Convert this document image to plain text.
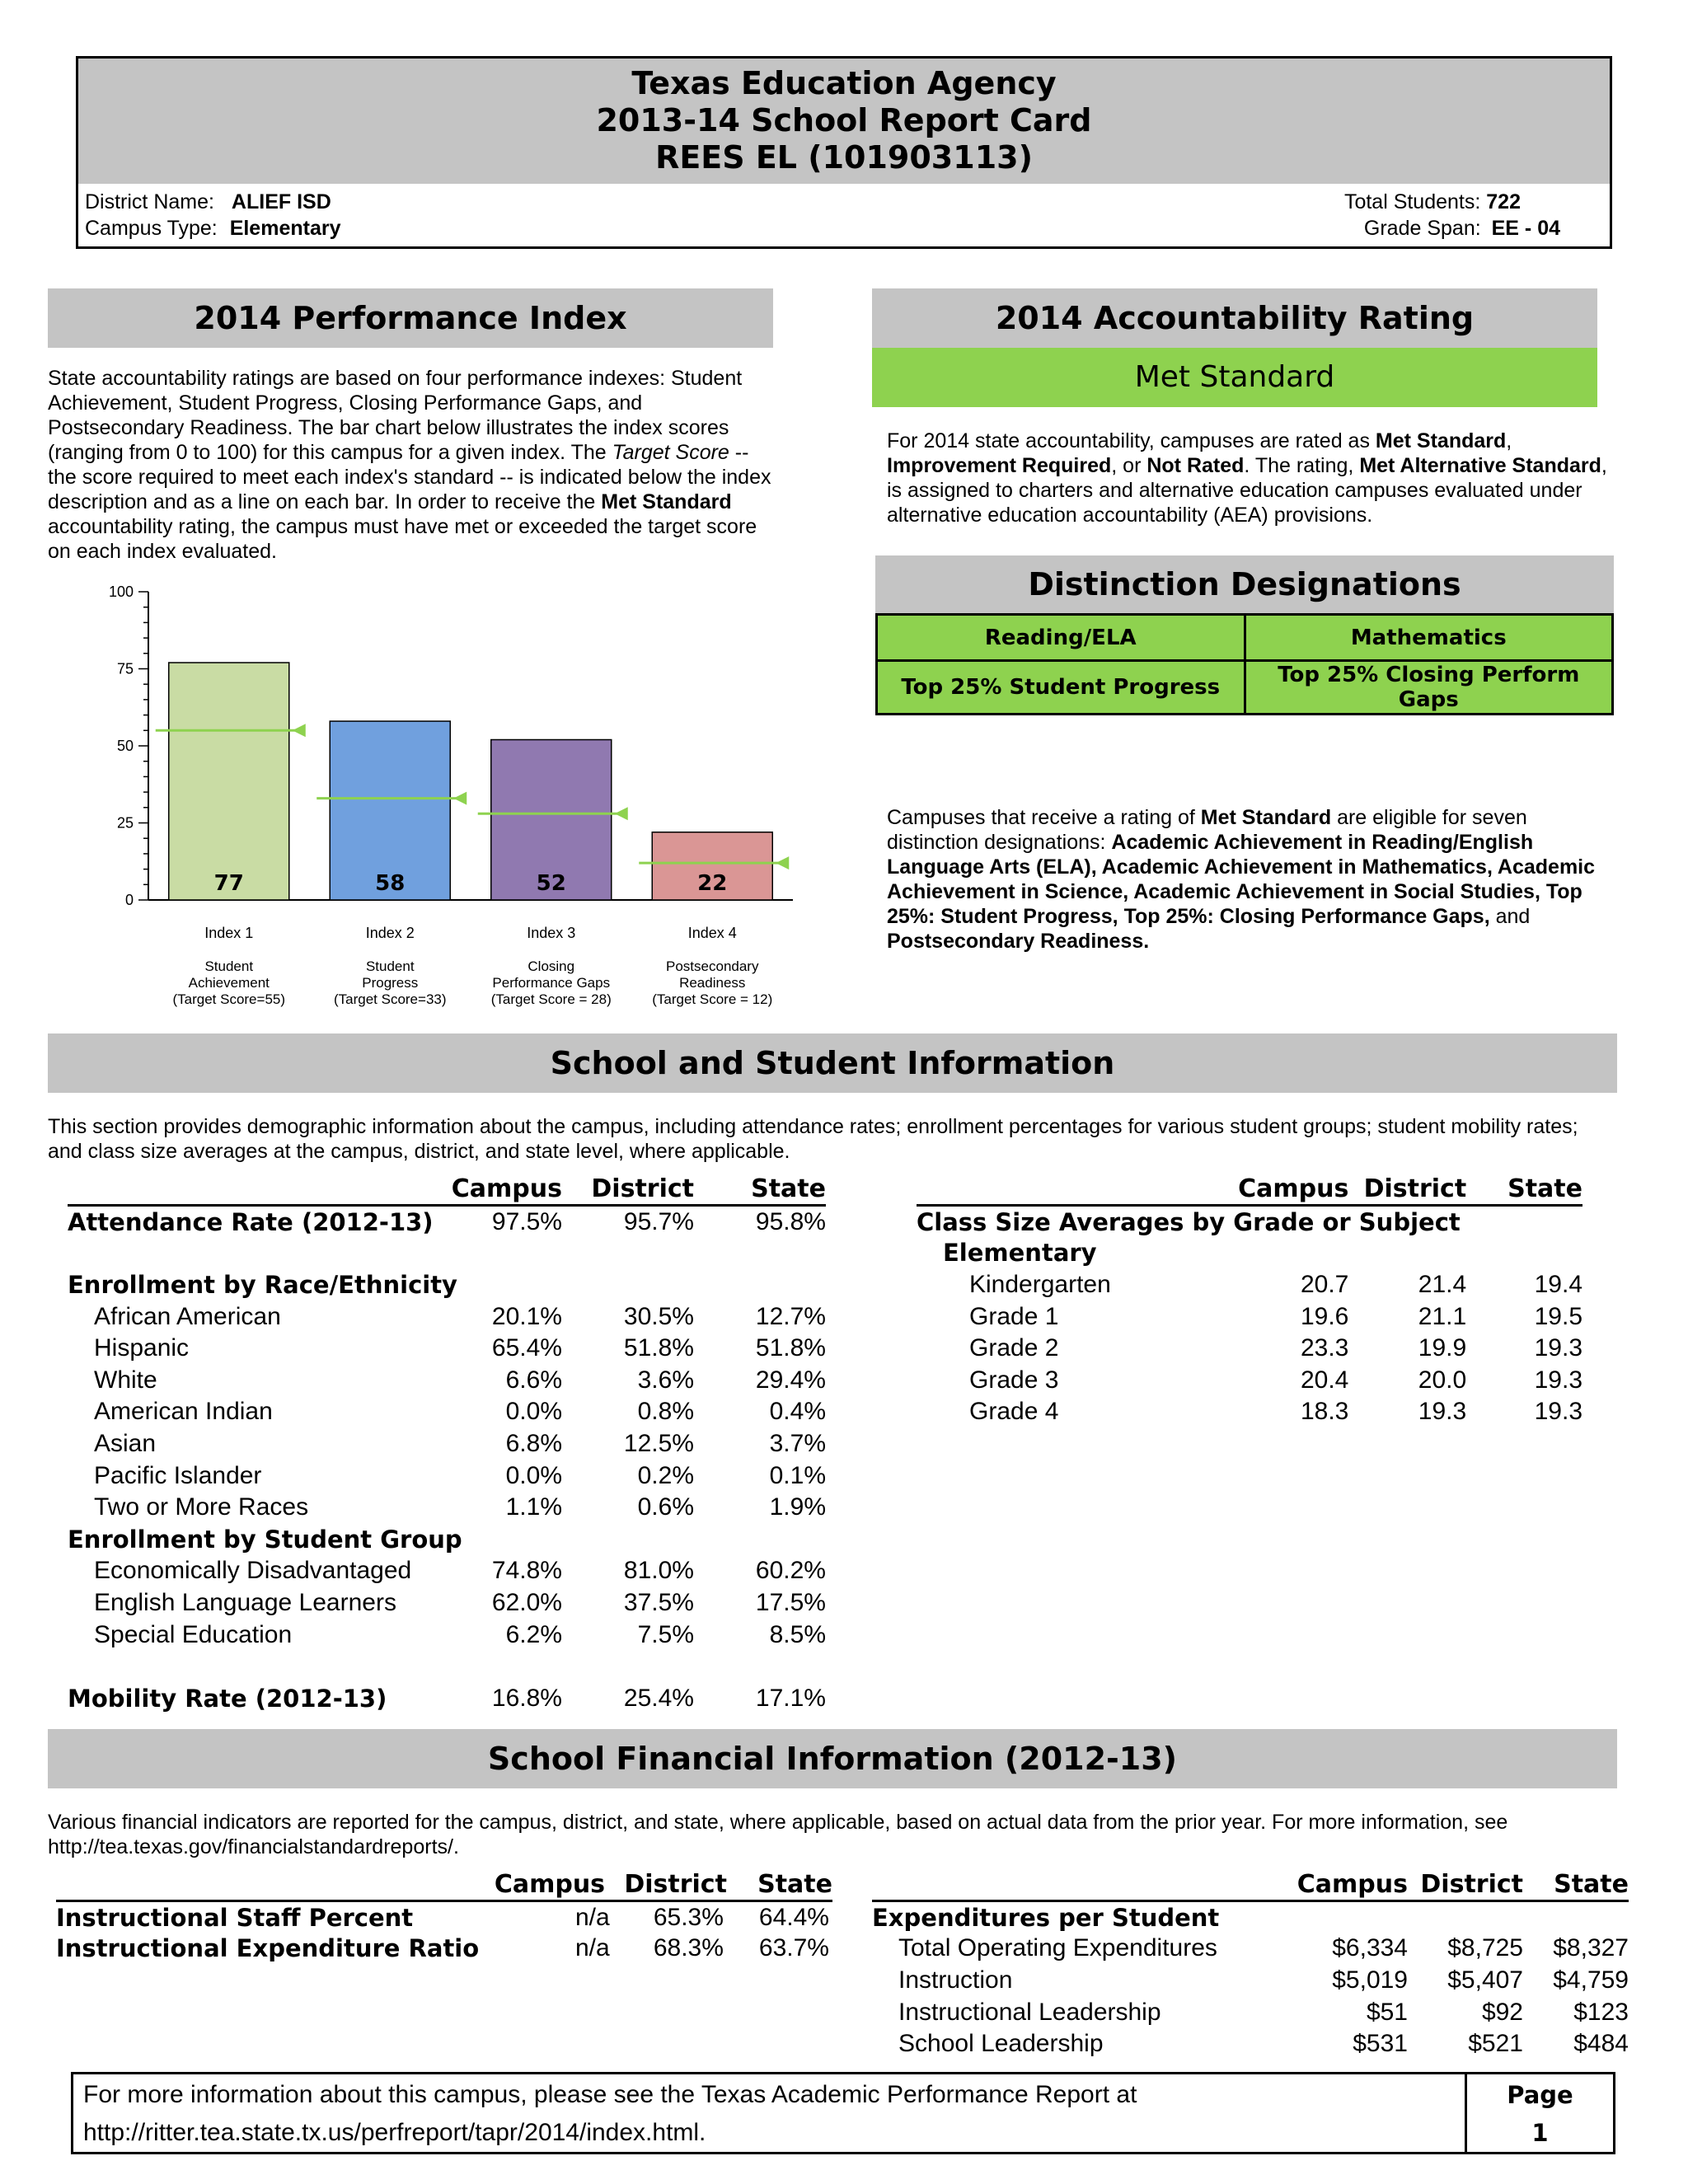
Texas Education Agency
2013-14 School Report Card
REES EL (101903113)
District Name: ALIEF ISD
Campus Type: Elementary
Total Students: 722
Grade Span: EE - 04
2014 Performance Index
State accountability ratings are based on four performance indexes: Student Achievement, Student Progress, Closing Performance Gaps, and Postsecondary Readiness. The bar chart below illustrates the index scores (ranging from 0 to 100) for this campus for a given index. The Target Score -- the score required to meet each index's standard -- is indicated below the index description and as a line on each bar. In order to receive the Met Standard accountability rating, the campus must have met or exceeded the target score on each index evaluated.
0
25
50
75
100
77
Index 1
Student
Achievement
(Target Score=55)
58
Index 2
Student
Progress
(Target Score=33)
52
Index 3
Closing
Performance Gaps
(Target Score = 28)
22
Index 4
Postsecondary
Readiness
(Target Score = 12)
2014 Accountability Rating
Met Standard
For 2014 state accountability, campuses are rated as Met Standard, Improvement Required, or Not Rated. The rating, Met Alternative Standard, is assigned to charters and alternative education campuses evaluated under alternative education accountability (AEA) provisions.
Distinction Designations
Reading/ELA	Mathematics
Top 25% Student Progress	Top 25% Closing Perform Gaps
Campuses that receive a rating of Met Standard are eligible for seven distinction designations: Academic Achievement in Reading/English Language Arts (ELA), Academic Achievement in Mathematics, Academic Achievement in Science, Academic Achievement in Social Studies, Top 25%: Student Progress, Top 25%: Closing Performance Gaps, and Postsecondary Readiness.
School and Student Information
This section provides demographic information about the campus, including attendance rates; enrollment percentages for various student groups; student mobility rates; and class size averages at the campus, district, and state level, where applicable.
	Campus	District	State
Attendance Rate (2012-13)	97.5%	95.7%	95.8%

Enrollment by Race/Ethnicity			
African American	20.1%	30.5%	12.7%
Hispanic	65.4%	51.8%	51.8%
White	6.6%	3.6%	29.4%
American Indian	0.0%	0.8%	0.4%
Asian	6.8%	12.5%	3.7%
Pacific Islander	0.0%	0.2%	0.1%
Two or More Races	1.1%	0.6%	1.9%
Enrollment by Student Group			
Economically Disadvantaged	74.8%	81.0%	60.2%
English Language Learners	62.0%	37.5%	17.5%
Special Education	6.2%	7.5%	8.5%

Mobility Rate (2012-13)	16.8%	25.4%	17.1%
	Campus	District	State
Class Size Averages by Grade or Subject			
Elementary			
Kindergarten	20.7	21.4	19.4
Grade 1	19.6	21.1	19.5
Grade 2	23.3	19.9	19.3
Grade 3	20.4	20.0	19.3
Grade 4	18.3	19.3	19.3
School Financial Information (2012-13)
Various financial indicators are reported for the campus, district, and state, where applicable, based on actual data from the prior year. For more information, see http://tea.texas.gov/financialstandardreports/.
	Campus	District	State
Instructional Staff Percent	n/a	65.3%	64.4%
Instructional Expenditure Ratio	n/a	68.3%	63.7%
	Campus	District	State
Expenditures per Student			
Total Operating Expenditures	$6,334	$8,725	$8,327
Instruction	$5,019	$5,407	$4,759
Instructional Leadership	$51	$92	$123
School Leadership	$531	$521	$484
For more information about this campus, please see the Texas Academic Performance Report at
http://ritter.tea.state.tx.us/perfreport/tapr/2014/index.html.
Page
1
